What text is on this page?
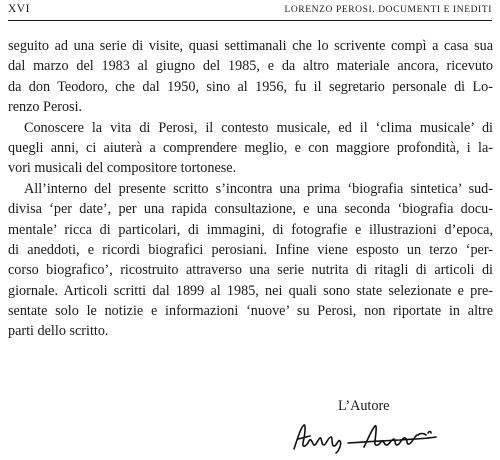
XVI	LORENZO PEROSI. DOCUMENTI E INEDITI
seguito ad una serie di visite, quasi settimanali che lo scrivente compì a casa sua
dal marzo del 1983 al giugno del 1985, e da altro materiale ancora, ricevuto
da don Teodoro, che dal 1950, sino al 1956, fu il segretario personale di Lo-
renzo Perosi.
Conoscere la vita di Perosi, il contesto musicale, ed il ‘clima musicale’ di
quegli anni, ci aiuterà a comprendere meglio, e con maggiore profondità, i la-
vori musicali del compositore tortonese.
All’interno del presente scritto s’incontra una prima ‘biografia sintetica’ sud-
divisa ‘per date’, per una rapida consultazione, e una seconda ‘biografia docu-
mentale’ ricca di particolari, di immagini, di fotografie e illustrazioni d’epoca,
di aneddoti, e ricordi biografici perosiani. Infine viene esposto un terzo ‘per-
corso biografico’, ricostruito attraverso una serie nutrita di ritagli di articoli di
giornale. Articoli scritti dal 1899 al 1985, nei quali sono state selezionate e pre-
sentate solo le notizie e informazioni ‘nuove’ su Perosi, non riportate in altre
parti dello scritto.
L’Autore
